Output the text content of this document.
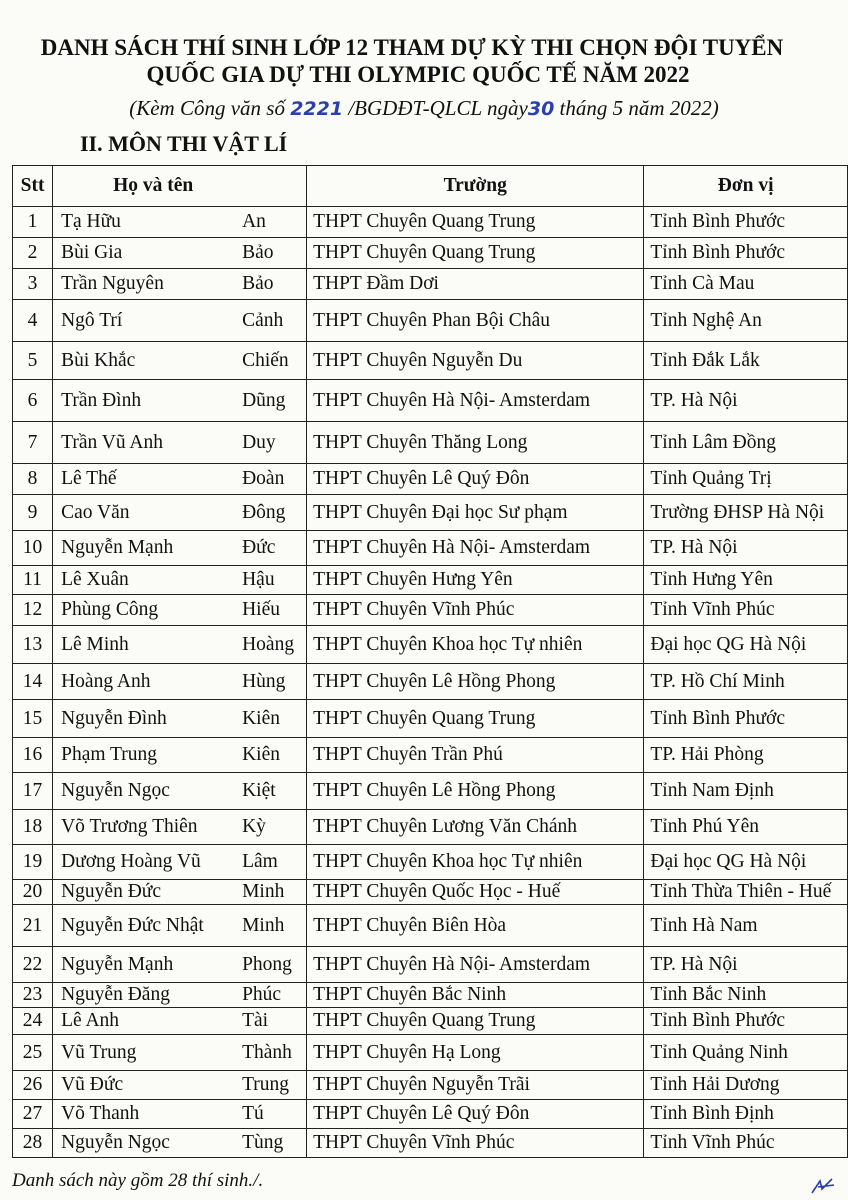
DANH SÁCH THÍ SINH LỚP 12 THAM DỰ KỲ THI CHỌN ĐỘI TUYỂN
QUỐC GIA DỰ THI OLYMPIC QUỐC TẾ NĂM 2022
(Kèm Công văn số 2221 /BGDĐT-QLCL ngày30 tháng 5 năm 2022)
II. MÔN THI VẬT LÍ
Stt	Họ và tên	Trường	Đơn vị
1	Tạ Hữu An	THPT Chuyên Quang Trung	Tỉnh Bình Phước
2	Bùi Gia Bảo	THPT Chuyên Quang Trung	Tỉnh Bình Phước
3	Trần Nguyên Bảo	THPT Đầm Dơi	Tỉnh Cà Mau
4	Ngô Trí Cảnh	THPT Chuyên Phan Bội Châu	Tỉnh Nghệ An
5	Bùi Khắc Chiến	THPT Chuyên Nguyễn Du	Tỉnh Đắk Lắk
6	Trần Đình Dũng	THPT Chuyên Hà Nội- Amsterdam	TP. Hà Nội
7	Trần Vũ Anh Duy	THPT Chuyên Thăng Long	Tỉnh Lâm Đồng
8	Lê Thế Đoàn	THPT Chuyên Lê Quý Đôn	Tỉnh Quảng Trị
9	Cao Văn Đông	THPT Chuyên Đại học Sư phạm	Trường ĐHSP Hà Nội
10	Nguyễn Mạnh Đức	THPT Chuyên Hà Nội- Amsterdam	TP. Hà Nội
11	Lê Xuân Hậu	THPT Chuyên Hưng Yên	Tỉnh Hưng Yên
12	Phùng Công Hiếu	THPT Chuyên Vĩnh Phúc	Tỉnh Vĩnh Phúc
13	Lê Minh Hoàng	THPT Chuyên Khoa học Tự nhiên	Đại học QG Hà Nội
14	Hoàng Anh Hùng	THPT Chuyên Lê Hồng Phong	TP. Hồ Chí Minh
15	Nguyễn Đình Kiên	THPT Chuyên Quang Trung	Tỉnh Bình Phước
16	Phạm Trung Kiên	THPT Chuyên Trần Phú	TP. Hải Phòng
17	Nguyễn Ngọc Kiệt	THPT Chuyên Lê Hồng Phong	Tỉnh Nam Định
18	Võ Trương Thiên Kỳ	THPT Chuyên Lương Văn Chánh	Tỉnh Phú Yên
19	Dương Hoàng Vũ Lâm	THPT Chuyên Khoa học Tự nhiên	Đại học QG Hà Nội
20	Nguyễn Đức Minh	THPT Chuyên Quốc Học - Huế	Tỉnh Thừa Thiên - Huế
21	Nguyễn Đức Nhật Minh	THPT Chuyên Biên Hòa	Tỉnh Hà Nam
22	Nguyễn Mạnh Phong	THPT Chuyên Hà Nội- Amsterdam	TP. Hà Nội
23	Nguyễn Đăng Phúc	THPT Chuyên Bắc Ninh	Tỉnh Bắc Ninh
24	Lê Anh Tài	THPT Chuyên Quang Trung	Tỉnh Bình Phước
25	Vũ Trung Thành	THPT Chuyên Hạ Long	Tỉnh Quảng Ninh
26	Vũ Đức Trung	THPT Chuyên Nguyễn Trãi	Tỉnh Hải Dương
27	Võ Thanh Tú	THPT Chuyên Lê Quý Đôn	Tỉnh Bình Định
28	Nguyễn Ngọc Tùng	THPT Chuyên Vĩnh Phúc	Tỉnh Vĩnh Phúc
Danh sách này gồm 28 thí sinh./.
